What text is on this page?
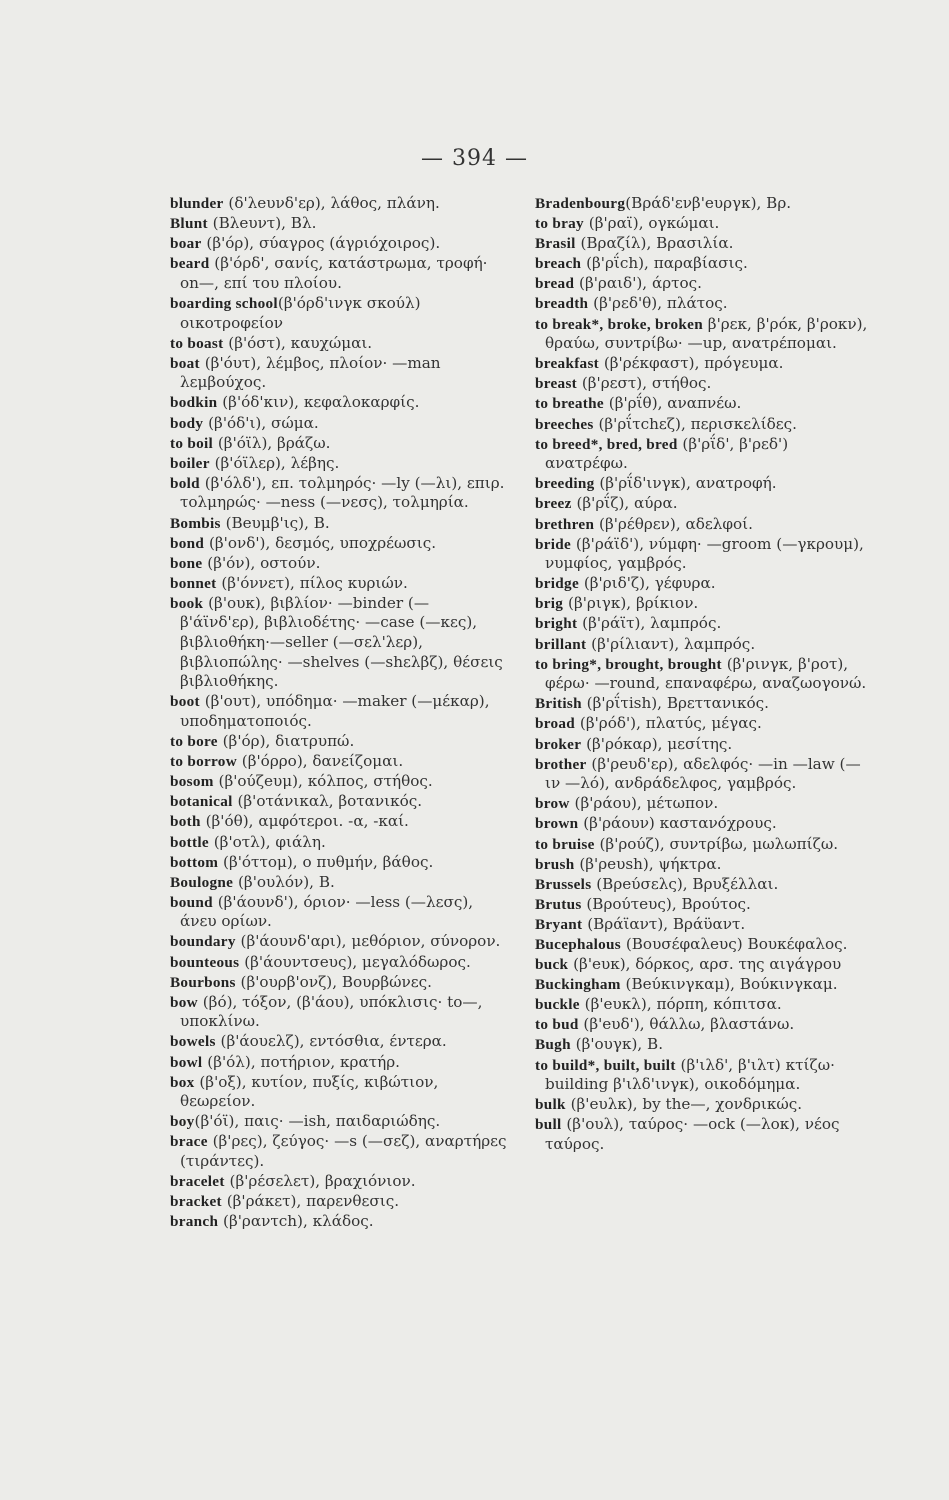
— 394 —
blunder (δ'λeυνδ'ερ), λάθος, πλάνη.
Blunt (Βλeυντ), Βλ.
boar (β'όρ), σύαγρος (άγριόχοιρος).
beard (β'όρδ', σανίς, κατάστρωμα, τροφή· on—, επί του πλοίου.
boarding school(β'όρδ'ινγκ σκούλ) οικοτροφείον
to boast (β'όστ), καυχώμαι.
boat (β'όυτ), λέμβος, πλοίον· —man λεμβούχος.
bodkin (β'όδ'κιν), κεφαλοκαρφίς.
body (β'όδ'ι), σώμα.
to boil (β'όϊλ), βράζω.
boiler (β'όϊλερ), λέβης.
bold (β'όλδ'), επ. τολμηρός· —ly (—λι), επιρ. τολμηρώς· —ness (—νεσς), τολμηρία.
Bombis (Βeυμβ'ις), Β.
bond (β'ονδ'), δεσμός, υποχρέωσις.
bone (β'όν), οστούν.
bonnet (β'όννετ), πίλος κυριών.
book (β'ουκ), βιβλίον· —binder (—β'άϊνδ'ερ), βιβλιοδέτης· —case (—κες), βιβλιοθήκη·—seller (—σελ'λερ), βιβλιοπώλης· —shelves (—shελβζ), θέσεις βιβλιοθήκης.
boot (β'ουτ), υπόδημα· —maker (—μέκαρ), υποδηματοποιός.
to bore (β'όρ), διατρυπώ.
to borrow (β'όρρο), δανείζομαι.
bosom (β'ούζeυμ), κόλπος, στήθος.
botanical (β'οτάνικαλ, βοτανικός.
both (β'όθ), αμφότεροι. -α, -καί.
bottle (β'οτλ), φιάλη.
bottom (β'όττομ), ο πυθμήν, βάθος.
Boulogne (β'ουλόν), Β.
bound (β'άουνδ'), όριον· —less (—λεσς), άνευ ορίων.
boundary (β'άουνδ'αρι), μεθόριον, σύνορον.
bounteous (β'άουντσeυς), μεγαλόδωρος.
Bourbons (β'ουρβ'ονζ), Βουρβώνες.
bow (βό), τόξον, (β'άου), υπόκλισις· to—, υποκλίνω.
bowels (β'άουελζ), εντόσθια, έντερα.
bowl (β'όλ), ποτήριον, κρατήρ.
box (β'οξ), κυτίον, πυξίς, κιβώτιον, θεωρείον.
boy(β'όϊ), παις· —ish, παιδαριώδης.
brace (β'ρες), ζεύγος· —s (—σεζ), αναρτήρες (τιράντες).
bracelet (β'ρέσελετ), βραχιόνιον.
bracket (β'ράκετ), παρενθεσις.
branch (β'ραντch), κλάδος.
Bradenbourg(Βράδ'ενβ'eυργκ), Βρ.
to bray (β'ραϊ), ογκώμαι.
Brasil (Βραζίλ), Βρασιλία.
breach (β'ρΐch), παραβίασις.
bread (β'ραιδ'), άρτος.
breadth (β'ρεδ'θ), πλάτος.
to break*, broke, broken β'ρεκ, β'ρόκ, β'ροκν), θραύω, συντρίβω· —up, ανατρέπομαι.
breakfast (β'ρέκφαστ), πρόγευμα.
breast (β'ρεστ), στήθος.
to breathe (β'ρΐθ), αναπνέω.
breeches (β'ρΐτchεζ), περισκελίδες.
to breed*, bred, bred (β'ρΐδ', β'ρεδ') ανατρέφω.
breeding (β'ρΐδ'ινγκ), ανατροφή.
breez (β'ρΐζ), αύρα.
brethren (β'ρέθρεν), αδελφοί.
bride (β'ράϊδ'), νύμφη· —groom (—γκρουμ), νυμφίος, γαμβρός.
bridge (β'ριδ'ζ), γέφυρα.
brig (β'ριγκ), βρίκιον.
bright (β'ράϊτ), λαμπρός.
brillant (β'ρίλιαντ), λαμπρός.
to bring*, brought, brought (β'ρινγκ, β'ροτ), φέρω· —round, επαναφέρω, αναζωογονώ.
British (β'ρΐτish), Βρεττανικός.
broad (β'ρόδ'), πλατύς, μέγας.
broker (β'ρόκαρ), μεσίτης.
brother (β'ρeυδ'ερ), αδελφός· —in —law (—ιν —λό), ανδράδελφος, γαμβρός.
brow (β'ράου), μέτωπον.
brown (β'ράουν) καστανόχρους.
to bruise (β'ρούζ), συντρίβω, μωλωπίζω.
brush (β'ρeυsh), ψήκτρα.
Brussels (Βρeύσελς), Βρυξέλλαι.
Brutus (Βρούτeυς), Βρούτος.
Bryant (Βράϊαντ), Βράϋαντ.
Bucephalous (Βουσέφαλeυς) Βουκέφαλος.
buck (β'eυκ), δόρκος, αρσ. της αιγάγρου
Buckingham (Βeύκινγκαμ), Βούκινγκαμ.
buckle (β'eυκλ), πόρπη, κόπιτσα.
to bud (β'eυδ'), θάλλω, βλαστάνω.
Bugh (β'ουγκ), Β.
to build*, built, built (β'ιλδ', β'ιλτ) κτίζω· building β'ιλδ'ινγκ), οικοδόμημα.
bulk (β'eυλκ), by the—, χονδρικώς.
bull (β'ουλ), ταύρος· —ock (—λοκ), νέος ταύρος.
